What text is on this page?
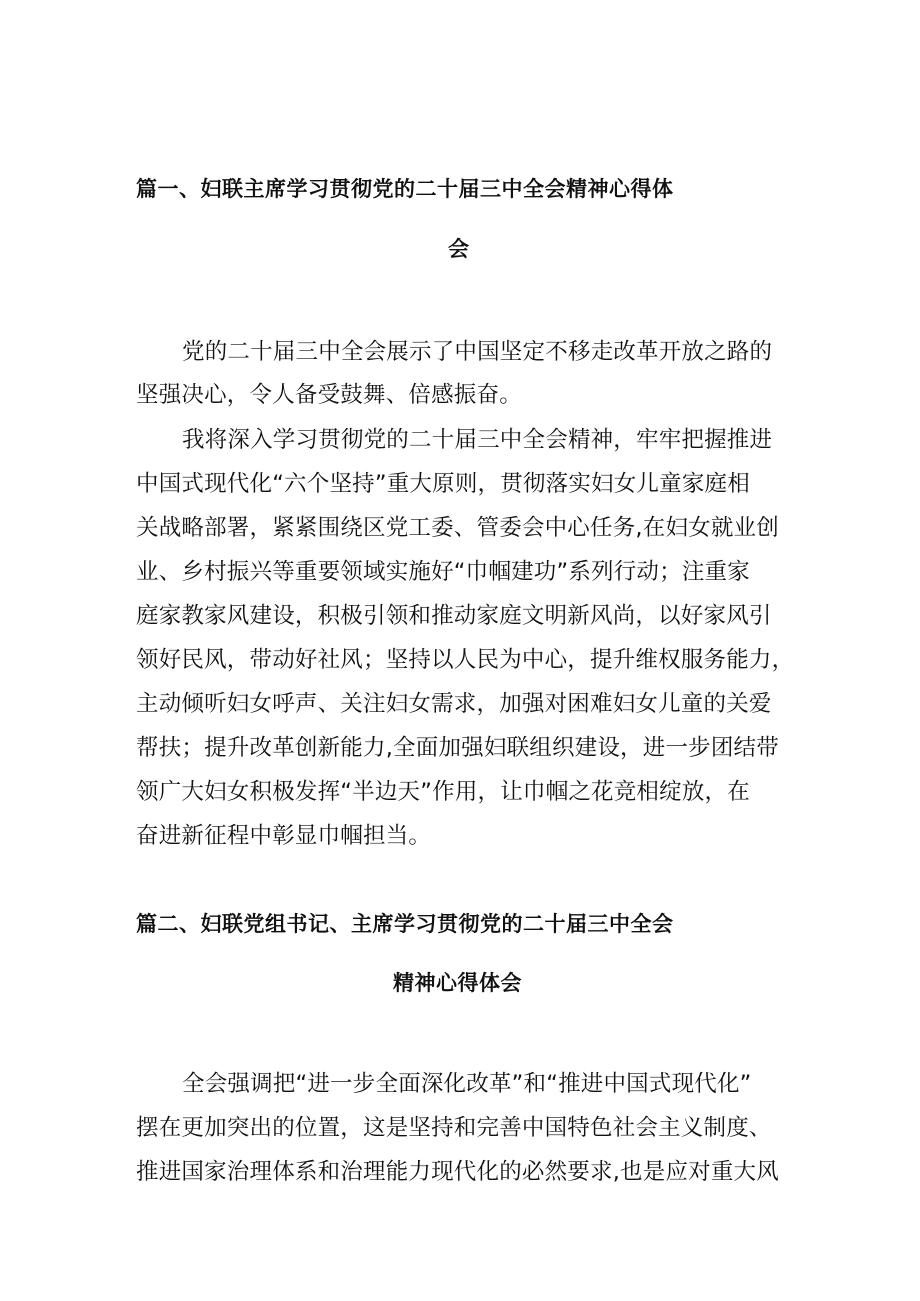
篇一、妇联主席学习贯彻党的二十届三中全会精神心得体
会
党的二十届三中全会展示了中国坚定不移走改革开放之路的
坚强决心，令人备受鼓舞、倍感振奋。
我将深入学习贯彻党的二十届三中全会精神，牢牢把握推进
中国式现代化“六个坚持”重大原则，贯彻落实妇女儿童家庭相
关战略部署，紧紧围绕区党工委、管委会中心任务,在妇女就业创
业、乡村振兴等重要领域实施好“巾帼建功”系列行动；注重家
庭家教家风建设，积极引领和推动家庭文明新风尚，以好家风引
领好民风，带动好社风；坚持以人民为中心，提升维权服务能力，
主动倾听妇女呼声、关注妇女需求，加强对困难妇女儿童的关爱
帮扶；提升改革创新能力,全面加强妇联组织建设，进一步团结带
领广大妇女积极发挥“半边天”作用，让巾帼之花竞相绽放，在
奋进新征程中彰显巾帼担当。
篇二、妇联党组书记、主席学习贯彻党的二十届三中全会
精神心得体会
全会强调把“进一步全面深化改革”和“推进中国式现代化”
摆在更加突出的位置，这是坚持和完善中国特色社会主义制度、
推进国家治理体系和治理能力现代化的必然要求,也是应对重大风
